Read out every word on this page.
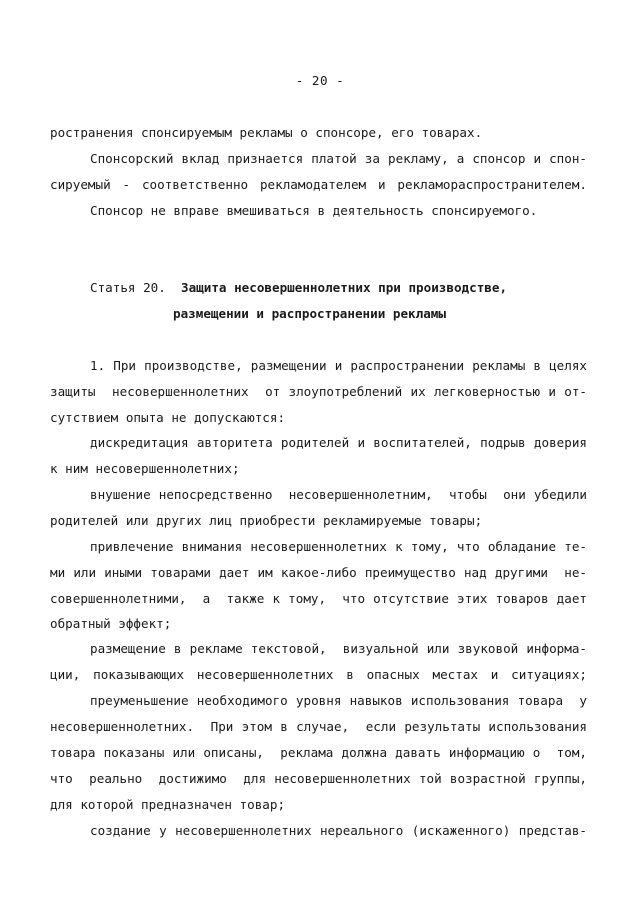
- 20 -
ространения спонсируемым рекламы о спонсоре, его товарах.
Спонсорский вклад признается платой за рекламу, а спонсор и спон-
сируемый - соответственно рекламодателем и рекламораспространителем.
Спонсор не вправе вмешиваться в деятельность спонсируемого.
Статья 20. Защита несовершеннолетних при производстве,
размещении и распространении рекламы
1. При производстве, размещении и распространении рекламы в целях
защиты  несовершеннолетних  от злоупотреблений их легковерностью и от-
сутствием опыта не допускаются:
дискредитация авторитета родителей и воспитателей, подрыв доверия
к ним несовершеннолетних;
внушение непосредственно  несовершеннолетним,  чтобы  они убедили
родителей или других лиц приобрести рекламируемые товары;
привлечение внимания несовершеннолетних к тому, что обладание те-
ми или иными товарами дает им какое-либо преимущество над другими  не-
совершеннолетними,  а  также к тому,  что отсутствие этих товаров дает
обратный эффект;
размещение в рекламе текстовой,  визуальной или звуковой информа-
ции, показывающих несовершеннолетних в опасных местах и ситуациях;
преуменьшение необходимого уровня навыков использования товара  у
несовершеннолетних.  При этом в случае,  если результаты использования
товара показаны или описаны,  реклама должна давать информацию о  том,
что  реально  достижимо  для несовершеннолетних той возрастной группы,
для которой предназначен товар;
создание у несовершеннолетних нереального (искаженного) представ-
